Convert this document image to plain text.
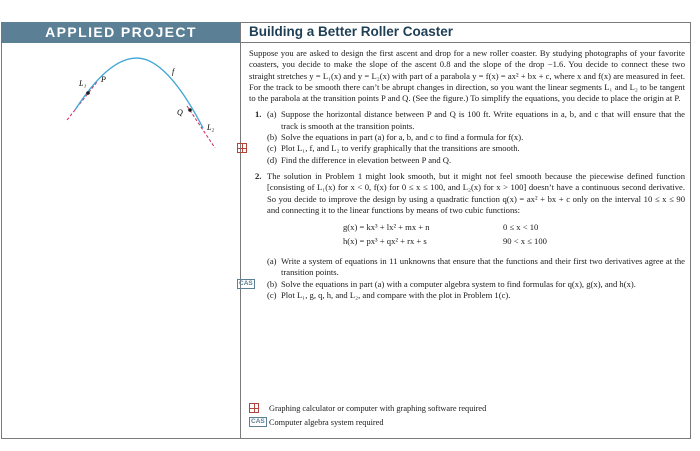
APPLIED PROJECT	Building a Better Roller Coaster
L₁ P
f
Q
L₂

Suppose you are asked to design the first ascent and drop for a new roller coaster. By studying photographs of your favorite coasters, you decide to make the slope of the ascent 0.8 and the slope of the drop −1.6. You decide to connect these two straight stretches y = L₁(x) and y = L₂(x) with part of a parabola y = f(x) = ax² + bx + c, where x and f(x) are measured in feet. For the track to be smooth there can’t be abrupt changes in direction, so you want the linear segments L₁ and L₂ to be tangent to the parabola at the transition points P and Q. (See the figure.) To simplify the equations, you decide to place the origin at P.

1. (a) Suppose the horizontal distance between P and Q is 100 ft. Write equations in a, b, and c that will ensure that the track is smooth at the transition points.
(b) Solve the equations in part (a) for a, b, and c to find a formula for f(x).
(c) Plot L₁, f, and L₂ to verify graphically that the transitions are smooth.
(d) Find the difference in elevation between P and Q.
2. The solution in Problem 1 might look smooth, but it might not feel smooth because the piecewise defined function [consisting of L₁(x) for x < 0, f(x) for 0 ≤ x ≤ 100, and L₂(x) for x > 100] doesn’t have a continuous second derivative. So you decide to improve the design by using a quadratic function q(x) = ax² + bx + c only on the interval 10 ≤ x ≤ 90 and connecting it to the linear functions by means of two cubic functions:

g(x) = kx³ + lx² + mx + n	0 ≤ x < 10
h(x) = px³ + qx² + rx + s	90 < x ≤ 100
(a) Write a system of equations in 11 unknowns that ensure that the functions and their first two derivatives agree at the transition points.
CAS (b) Solve the equations in part (a) with a computer algebra system to find formulas for q(x), g(x), and h(x).
(c) Plot L₁, g, q, h, and L₂, and compare with the plot in Problem 1(c).
Graphing calculator or computer with graphing software required
CAS Computer algebra system required
